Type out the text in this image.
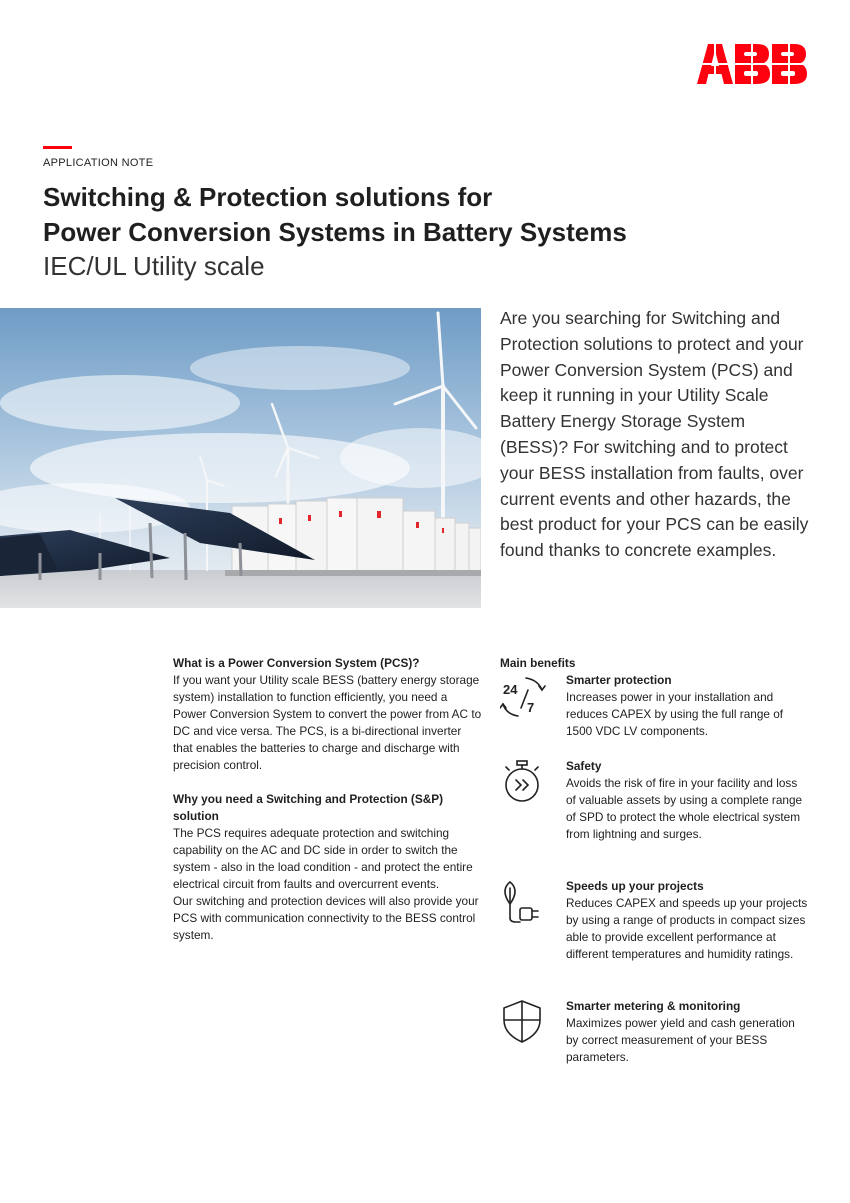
APPLICATION NOTE
Switching & Protection solutions for
Power Conversion Systems in Battery Systems
IEC/UL Utility scale
Are you searching for Switching and Protection solutions to protect and your Power Conversion System (PCS) and keep it running in your Utility Scale Battery Energy Storage System (BESS)? For switching and to protect your BESS installation from faults, over current events and other hazards, the best product for your PCS can be easily found thanks to concrete examples.
What is a Power Conversion System (PCS)?

If you want your Utility scale BESS (battery energy storage system) installation to function efficiently, you need a Power Conversion System to convert the power from AC to DC and vice versa. The PCS, is a bi-directional inverter that enables the batteries to charge and discharge with precision control.

Why you need a Switching and Protection (S&P) solution

The PCS requires adequate protection and switching capability on the AC and DC side in order to switch the system - also in the load condition - and protect the entire electrical circuit from faults and overcurrent events.

Our switching and protection devices will also provide your PCS with communication connectivity to the BESS control system.

Main benefits
24
7
Smarter protection

Increases power in your installation and reduces CAPEX by using the full range of 1500 VDC LV components.

Safety

Avoids the risk of fire in your facility and loss of valuable assets by using a complete range of SPD to protect the whole electrical system from lightning and surges.

Speeds up your projects

Reduces CAPEX and speeds up your projects by using a range of products in compact sizes able to provide excellent performance at different temperatures and humidity ratings.

Smarter metering & monitoring

Maximizes power yield and cash generation by correct measurement of your BESS parameters.
